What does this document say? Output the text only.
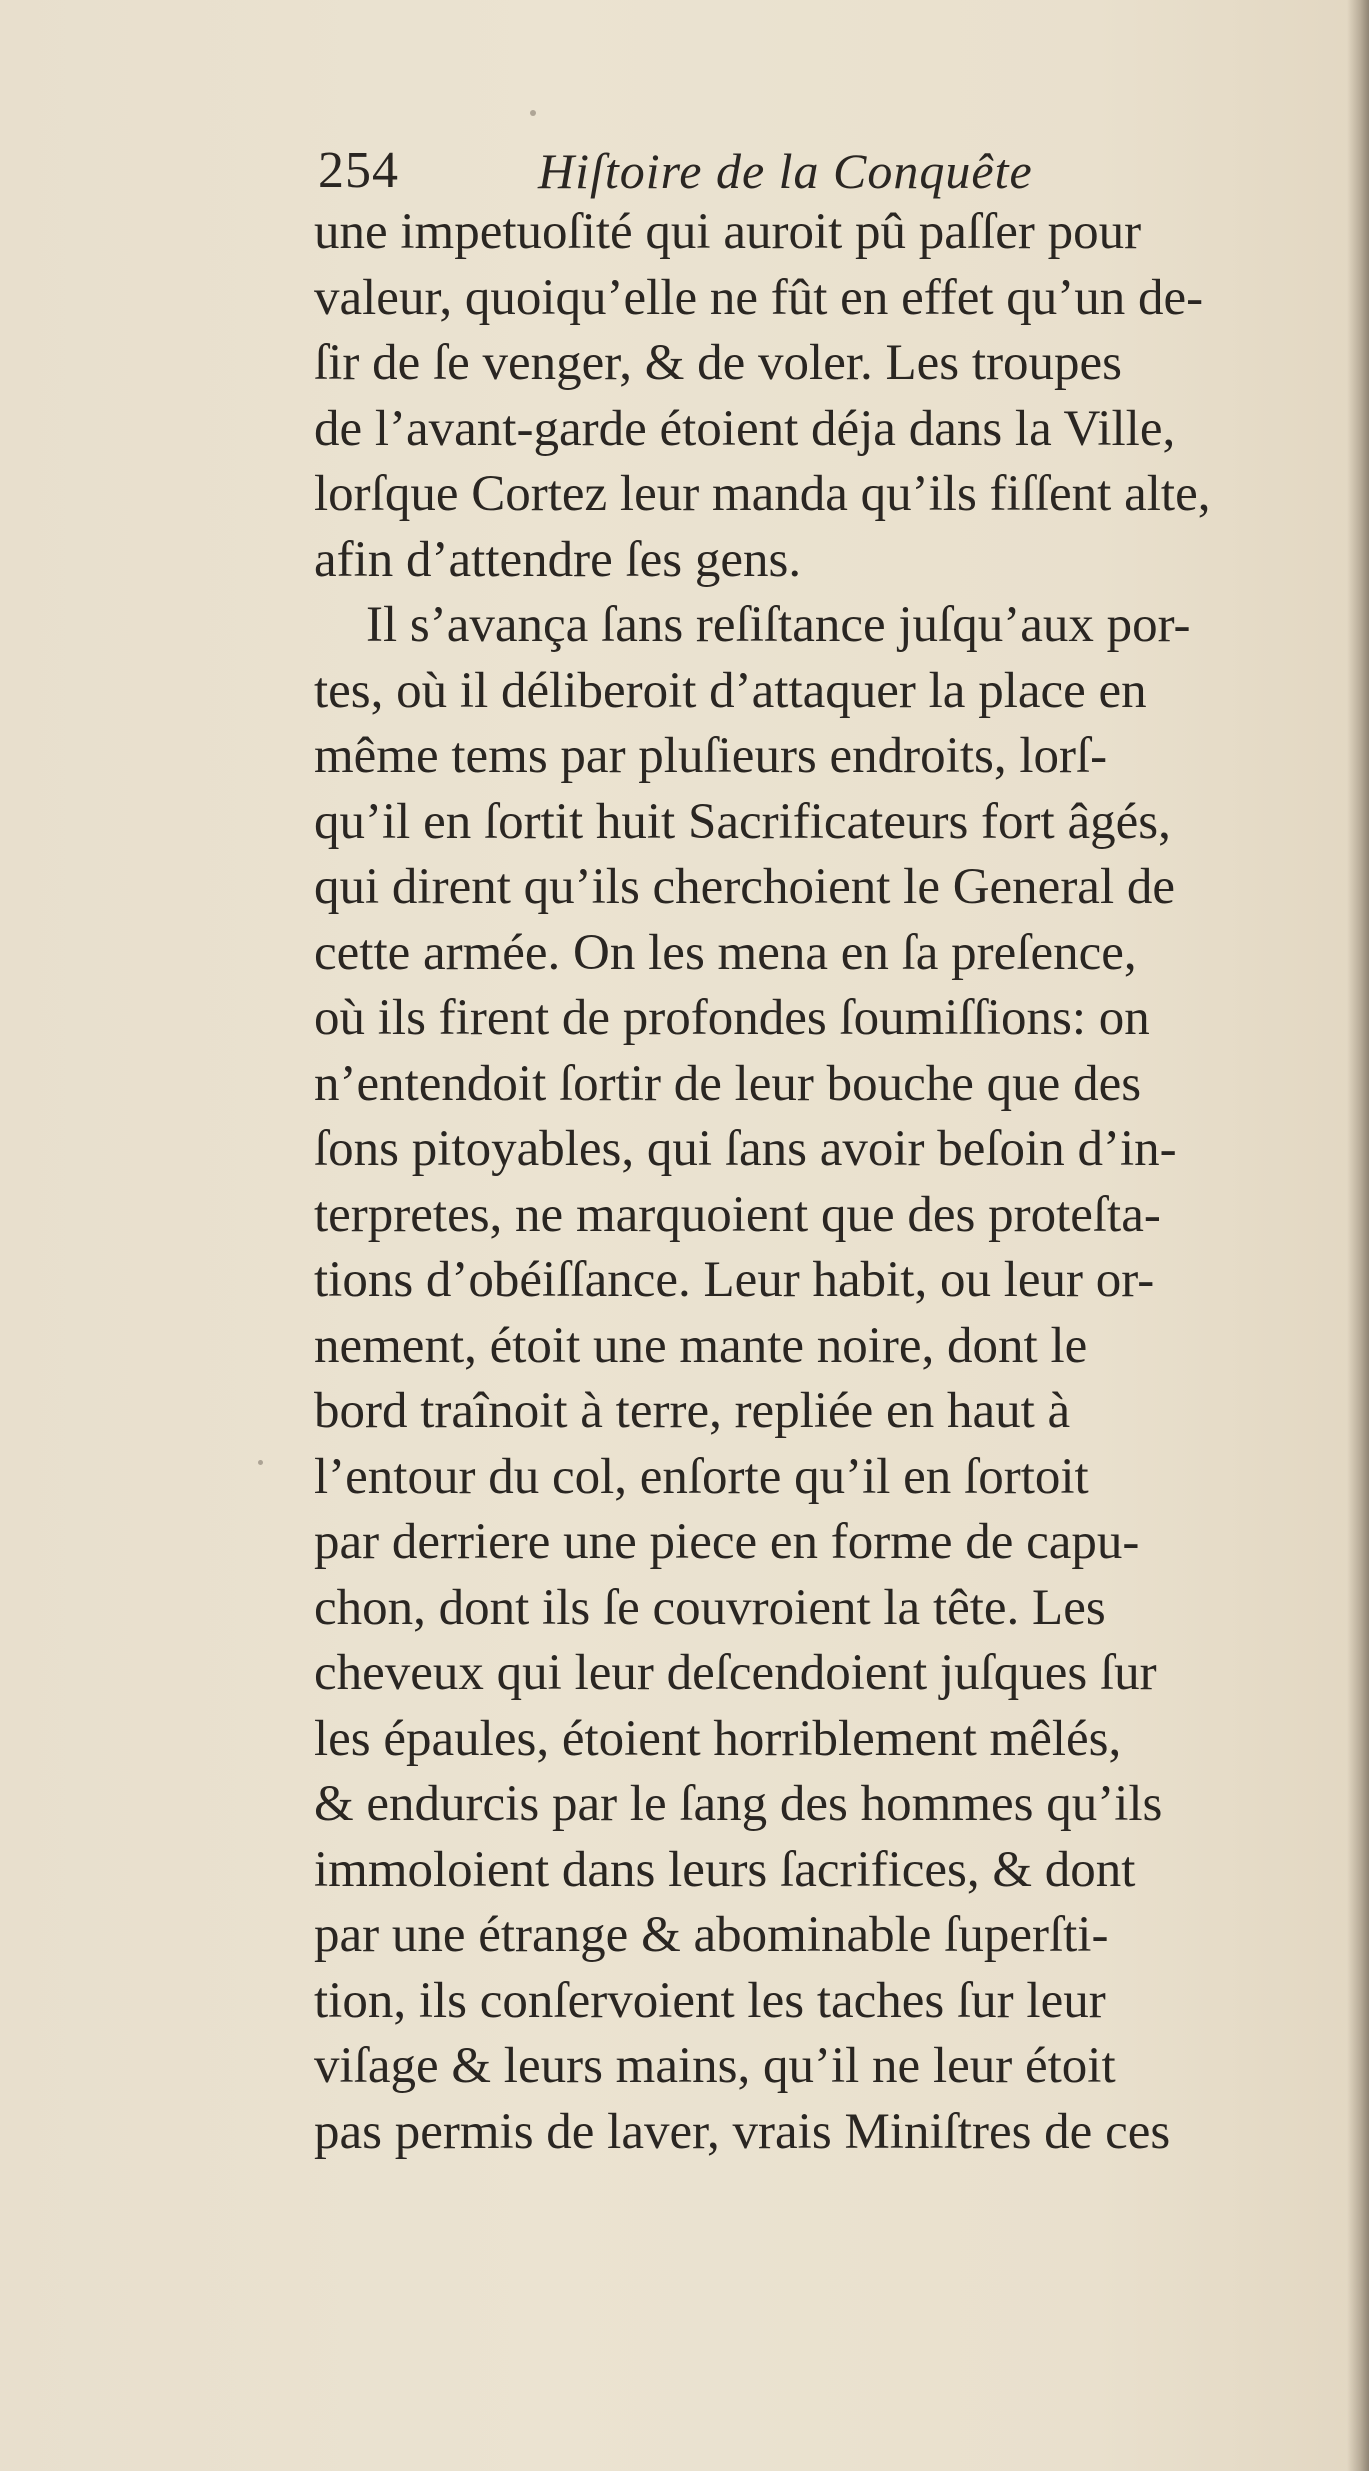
254	Hiſtoire de la Conquête
une impetuoſité qui auroit pû paſſer pour
valeur, quoiqu’elle ne fût en effet qu’un de-
ſir de ſe venger, & de voler. Les troupes
de l’avant-garde étoient déja dans la Ville,
lorſque Cortez leur manda qu’ils fiſſent alte,
afin d’attendre ſes gens.
Il s’avança ſans reſiſtance juſqu’aux por-
tes, où il déliberoit d’attaquer la place en
même tems par pluſieurs endroits, lorſ-
qu’il en ſortit huit Sacrificateurs fort âgés,
qui dirent qu’ils cherchoient le General de
cette armée. On les mena en ſa preſence,
où ils firent de profondes ſoumiſſions: on
n’entendoit ſortir de leur bouche que des
ſons pitoyables, qui ſans avoir beſoin d’in-
terpretes, ne marquoient que des proteſta-
tions d’obéiſſance. Leur habit, ou leur or-
nement, étoit une mante noire, dont le
bord traînoit à terre, repliée en haut à
l’entour du col, enſorte qu’il en ſortoit
par derriere une piece en forme de capu-
chon, dont ils ſe couvroient la tête. Les
cheveux qui leur deſcendoient juſques ſur
les épaules, étoient horriblement mêlés,
& endurcis par le ſang des hommes qu’ils
immoloient dans leurs ſacrifices, & dont
par une étrange & abominable ſuperſti-
tion, ils conſervoient les taches ſur leur
viſage & leurs mains, qu’il ne leur étoit
pas permis de laver, vrais Miniſtres de ces
